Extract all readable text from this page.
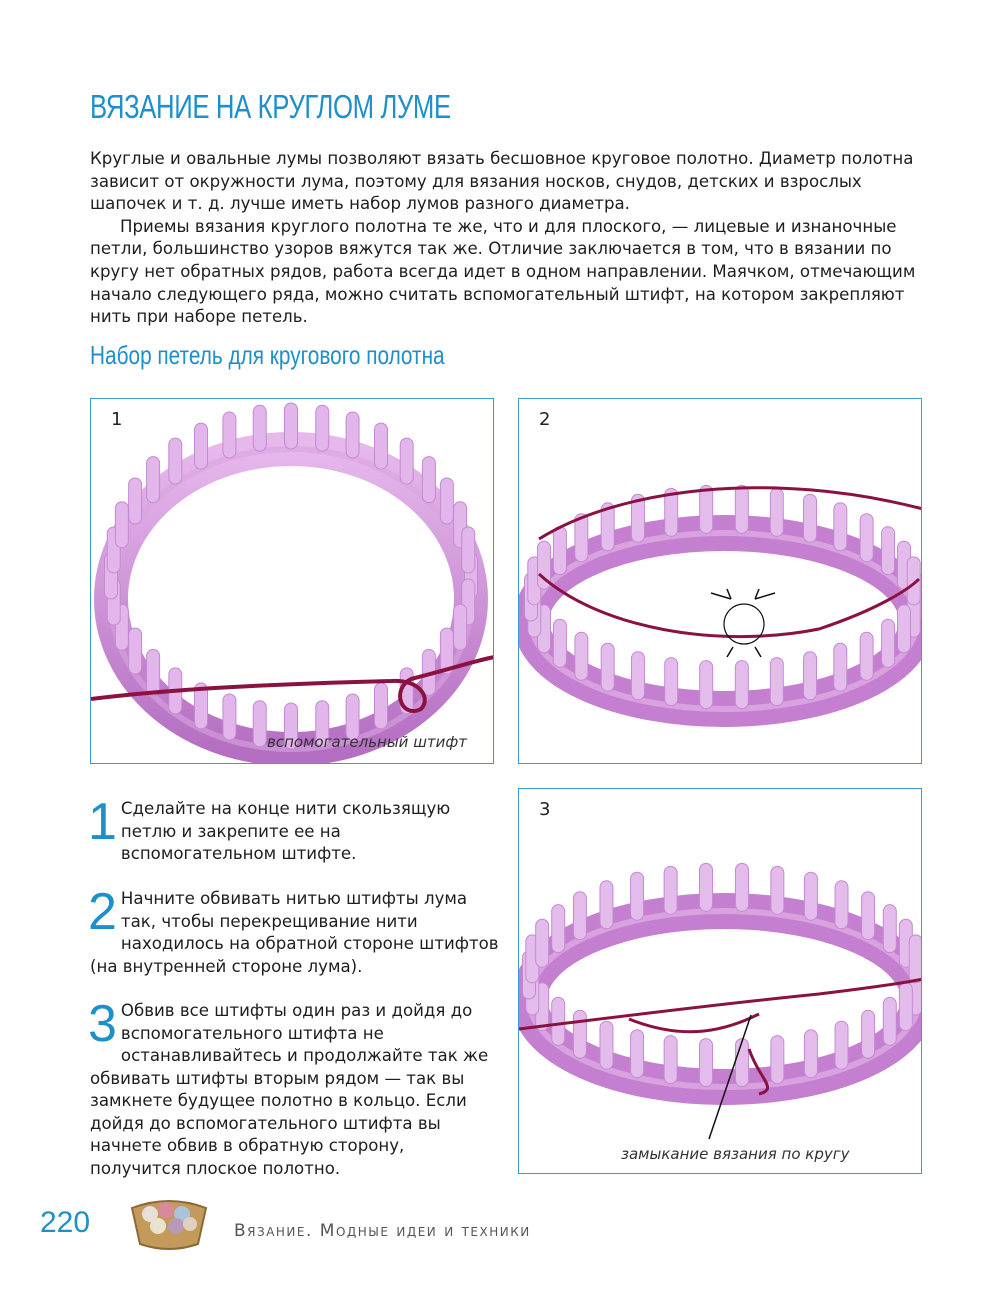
ВЯЗАНИЕ НА КРУГЛОМ ЛУМЕ

Круглые и овальные лумы позволяют вязать бесшовное круговое полотно. Диаметр полотна зависит от окружности лума, поэтому для вязания носков, снудов, детских и взрослых шапочек и т. д. лучше иметь набор лумов разного диаметра.

Приемы вязания круглого полотна те же, что и для плоского, — лицевые и изнаночные петли, большинство узоров вяжутся так же. Отличие заключается в том, что в вязании по кругу нет обратных рядов, работа всегда идет в одном направлении. Маячком, отмечающим начало следующего ряда, можно считать вспомогательный штифт, на котором закрепляют нить при наборе петель.

Набор петель для кругового полотна
1
вспомогательный штифт
2
3
замыкание вязания по кругу
1 Сделайте на конце нити скользящую петлю и закрепите ее на вспомогательном штифте.
2 Начните обвивать нитью штифты лума так, чтобы перекрещивание нити находилось на обратной стороне штифтов (на внутренней стороне лума).
3 Обвив все штифты один раз и дойдя до вспомогательного штифта не останавливайтесь и продолжайте так же обвивать штифты вторым рядом — так вы замкнете будущее полотно в кольцо. Если дойдя до вспомогательного штифта вы начнете обвив в обратную сторону, получится плоское полотно.
220	Вязание. Модные идеи и техники
